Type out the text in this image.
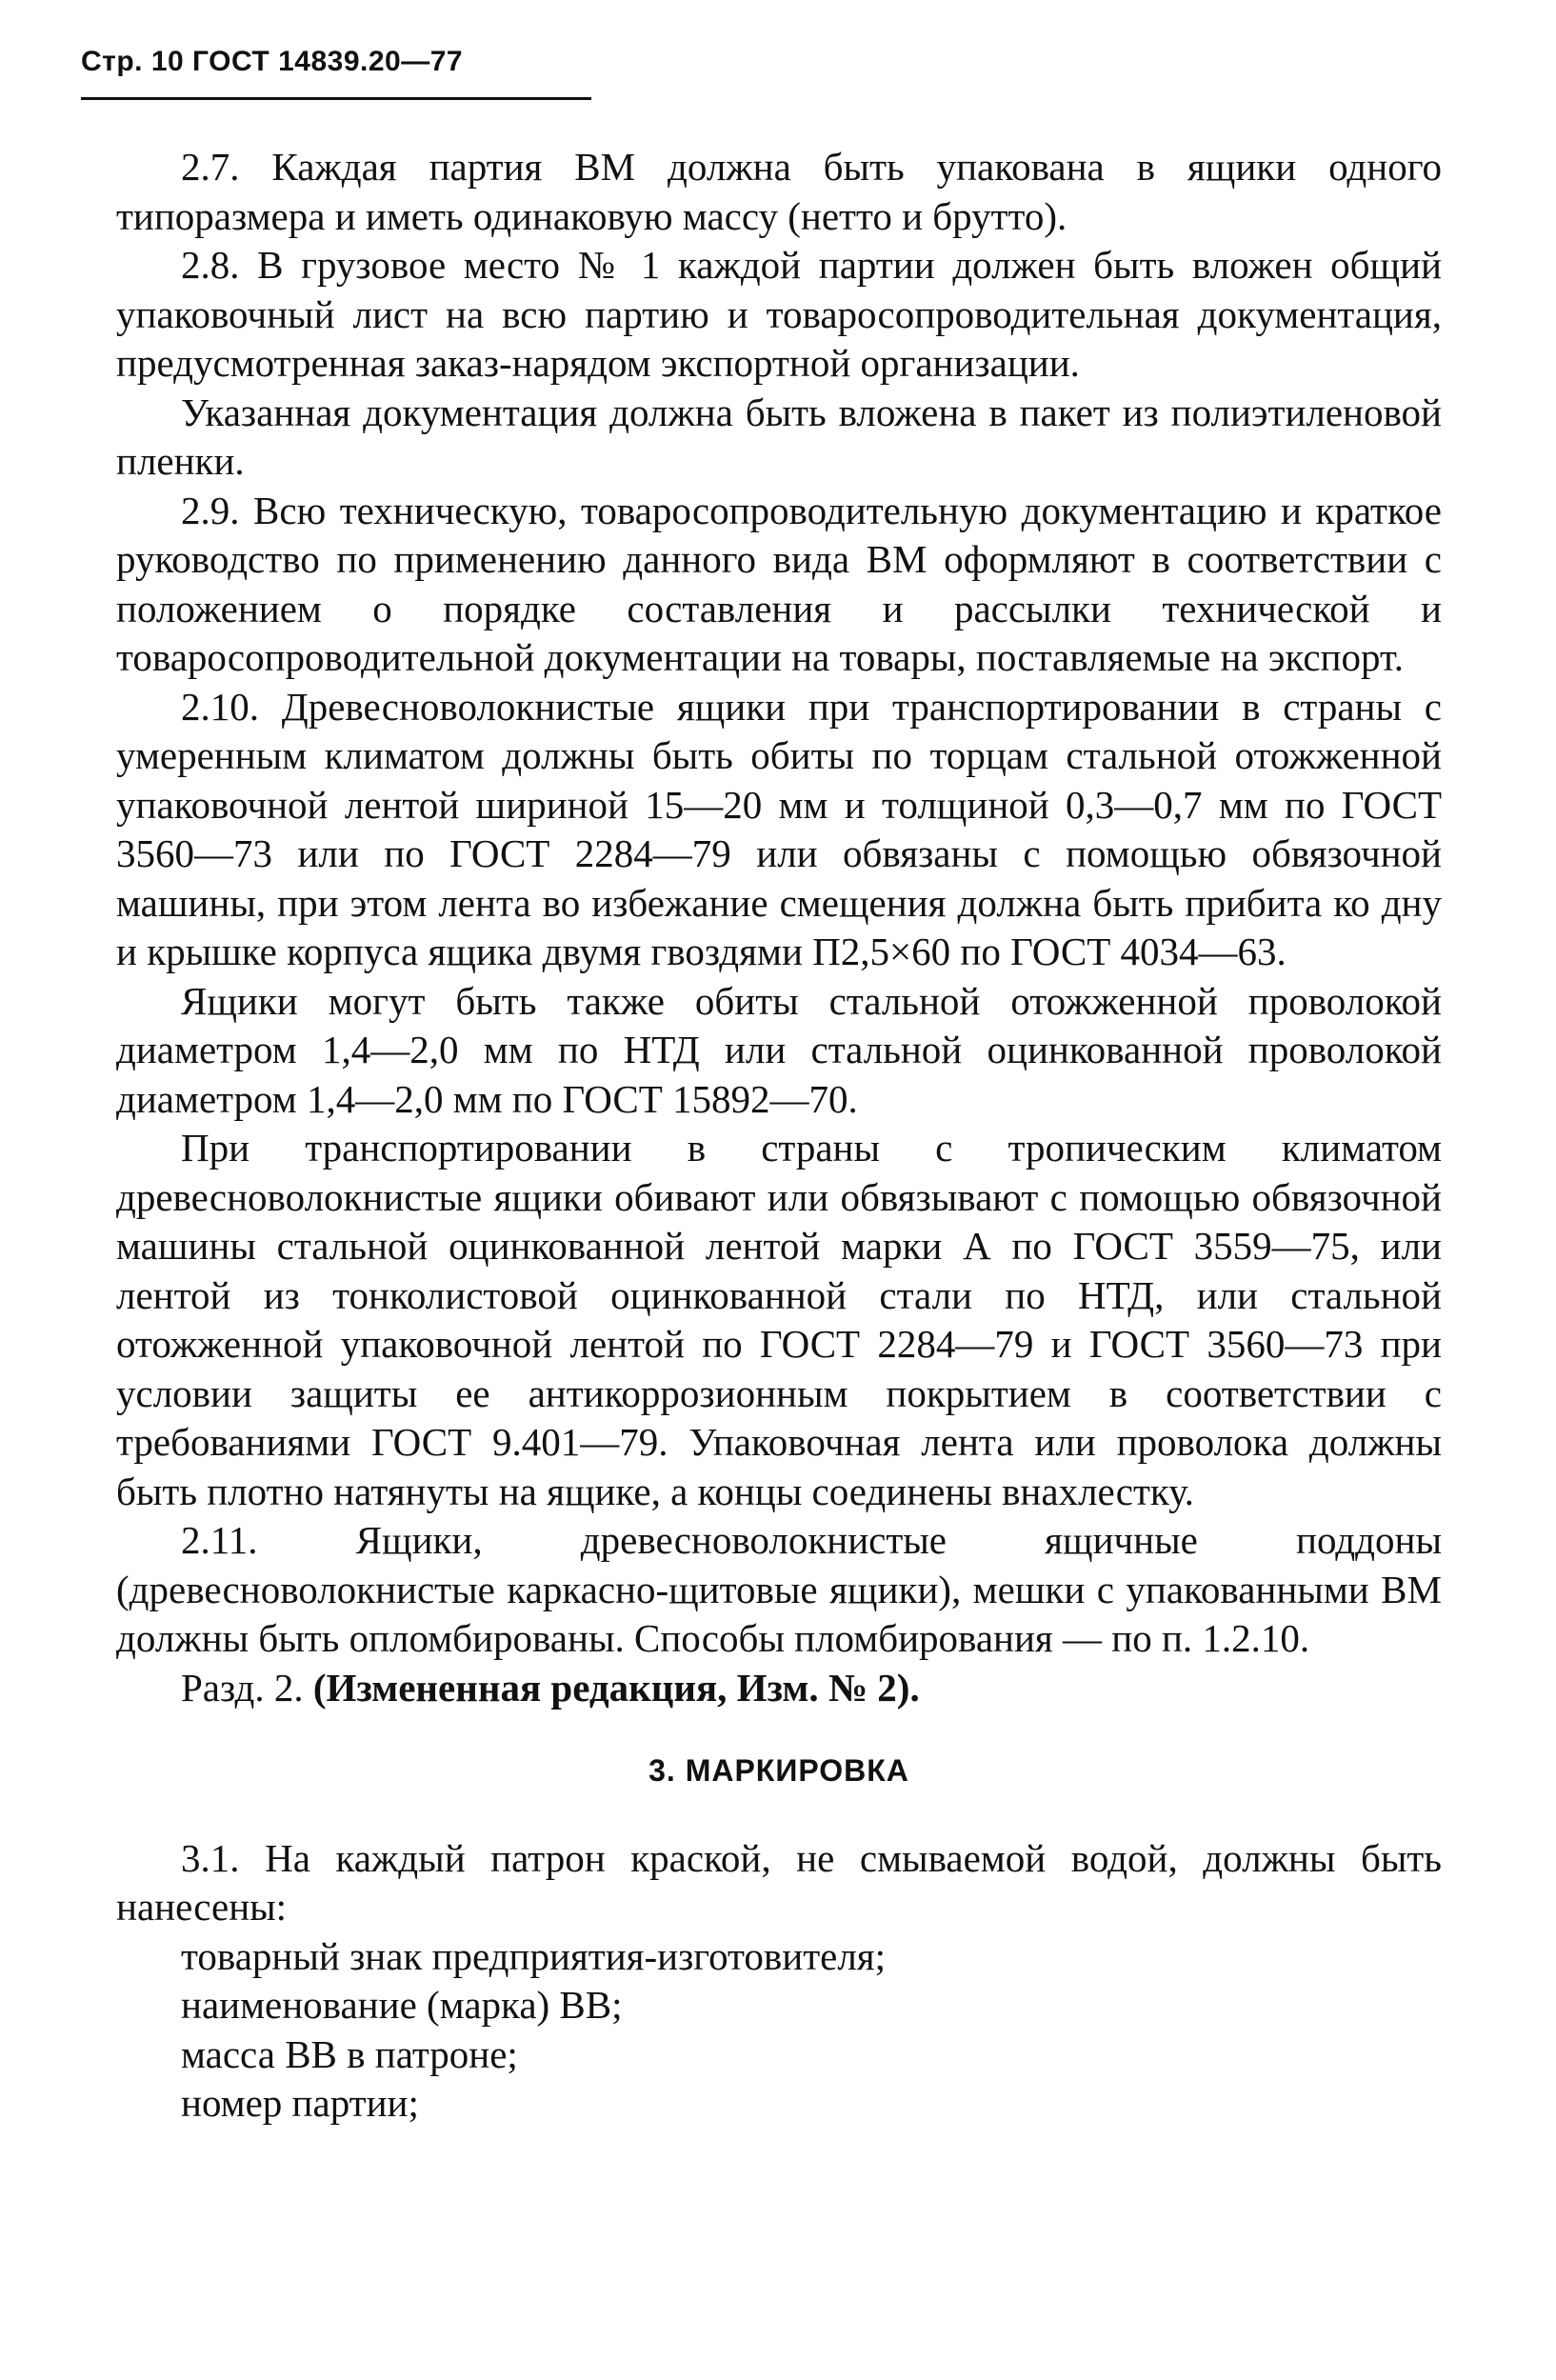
Стр. 10 ГОСТ 14839.20—77

2.7. Каждая партия ВМ должна быть упакована в ящики одного типоразмера и иметь одинаковую массу (нетто и брутто).

2.8. В грузовое место № 1 каждой партии должен быть вложен общий упаковочный лист на всю партию и товаросопроводительная документация, предусмотренная заказ-нарядом экспортной организации.

Указанная документация должна быть вложена в пакет из полиэтиленовой пленки.

2.9. Всю техническую, товаросопроводительную документацию и краткое руководство по применению данного вида ВМ оформляют в соответствии с положением о порядке составления и рассылки технической и товаросопроводительной документации на товары, поставляемые на экспорт.

2.10. Древесноволокнистые ящики при транспортировании в страны с умеренным климатом должны быть обиты по торцам стальной отожженной упаковочной лентой шириной 15—20 мм и толщиной 0,3—0,7 мм по ГОСТ 3560—73 или по ГОСТ 2284—79 или обвязаны с помощью обвязочной машины, при этом лента во избежание смещения должна быть прибита ко дну и крышке корпуса ящика двумя гвоздями П2,5×60 по ГОСТ 4034—63.

Ящики могут быть также обиты стальной отожженной проволокой диаметром 1,4—2,0 мм по НТД или стальной оцинкованной проволокой диаметром 1,4—2,0 мм по ГОСТ 15892—70.

При транспортировании в страны с тропическим климатом древесноволокнистые ящики обивают или обвязывают с помощью обвязочной машины стальной оцинкованной лентой марки А по ГОСТ 3559—75, или лентой из тонколистовой оцинкованной стали по НТД, или стальной отожженной упаковочной лентой по ГОСТ 2284—79 и ГОСТ 3560—73 при условии защиты ее антикоррозионным покрытием в соответствии с требованиями ГОСТ 9.401—79. Упаковочная лента или проволока должны быть плотно натянуты на ящике, а концы соединены внахлестку.

2.11. Ящики, древесноволокнистые ящичные поддоны (древесноволокнистые каркасно-щитовые ящики), мешки с упакованными ВМ должны быть опломбированы. Способы пломбирования — по п. 1.2.10.

Разд. 2. (Измененная редакция, Изм. № 2).

3. МАРКИРОВКА

3.1. На каждый патрон краской, не смываемой водой, должны быть нанесены:

товарный знак предприятия-изготовителя;

наименование (марка) ВВ;

масса ВВ в патроне;

номер партии;
